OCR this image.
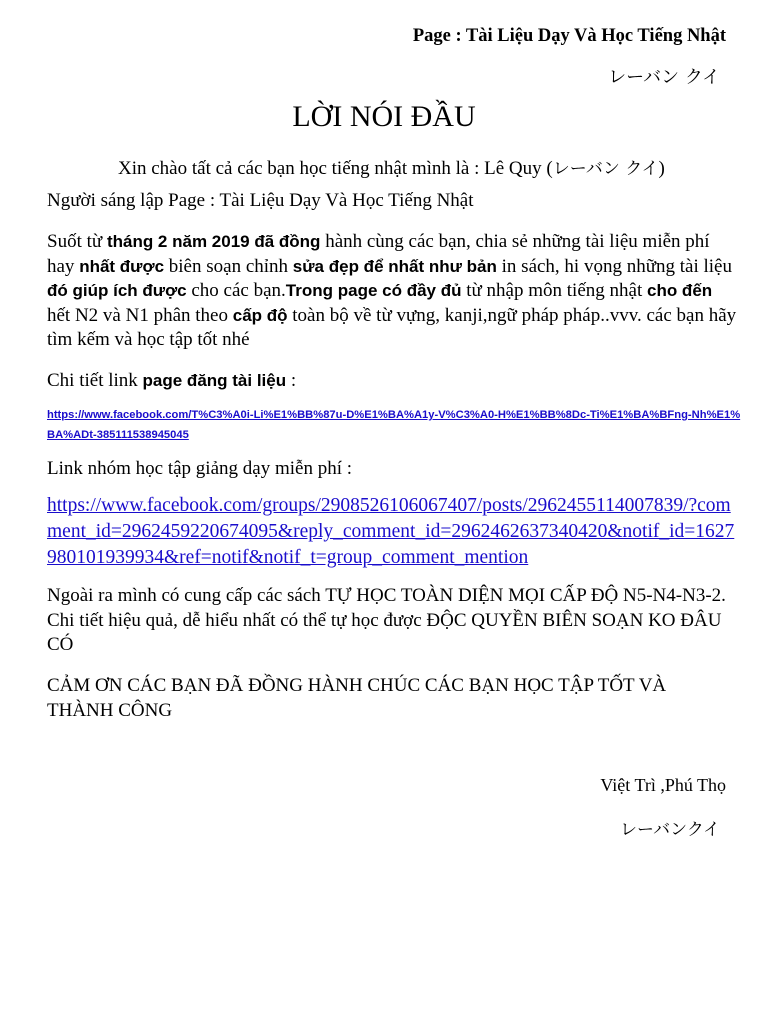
Page : Tài Liệu Dạy Và Học Tiếng Nhật
レーバン クイ
LỜI NÓI ĐẦU
Xin chào tất cả các bạn học tiếng nhật mình là : Lê Quy (レーバン クイ)
Người sáng lập Page : Tài Liệu Dạy Và Học Tiếng Nhật
Suốt từ tháng 2 năm 2019 đã đồng hành cùng các bạn, chia sẻ những tài liệu miễn phí hay nhất được biên soạn chỉnh sửa đẹp để nhất như bản in sách, hi vọng những tài liệu đó giúp ích được cho các bạn.Trong page có đầy đủ từ nhập môn tiếng nhật cho đến hết N2 và N1 phân theo cấp độ toàn bộ về từ vựng, kanji,ngữ pháp pháp..vvv. các bạn hãy tìm kếm và học tập tốt nhé
Chi tiết link page đăng tài liệu :
https://www.facebook.com/T%C3%A0i-Li%E1%BB%87u-D%E1%BA%A1y-V%C3%A0-H%E1%BB%8Dc-Ti%E1%BA%BFng-Nh%E1%BA%ADt-385111538945045
Link nhóm học tập giảng dạy miễn phí :
https://www.facebook.com/groups/2908526106067407/posts/2962455114007839/?comment_id=2962459220674095&reply_comment_id=2962462637340420&notif_id=1627980101939934&ref=notif&notif_t=group_comment_mention
Ngoài ra mình có cung cấp các sách TỰ HỌC TOÀN DIỆN MỌI CẤP ĐỘ N5-N4-N3-2. Chi tiết hiệu quả, dễ hiểu nhất có thể tự học được ĐỘC QUYỀN BIÊN SOẠN KO ĐÂU CÓ
CẢM ƠN CÁC BẠN ĐÃ ĐỒNG HÀNH CHÚC CÁC BẠN HỌC TẬP TỐT VÀ THÀNH CÔNG
Việt Trì ,Phú Thọ
レーバンクイ
